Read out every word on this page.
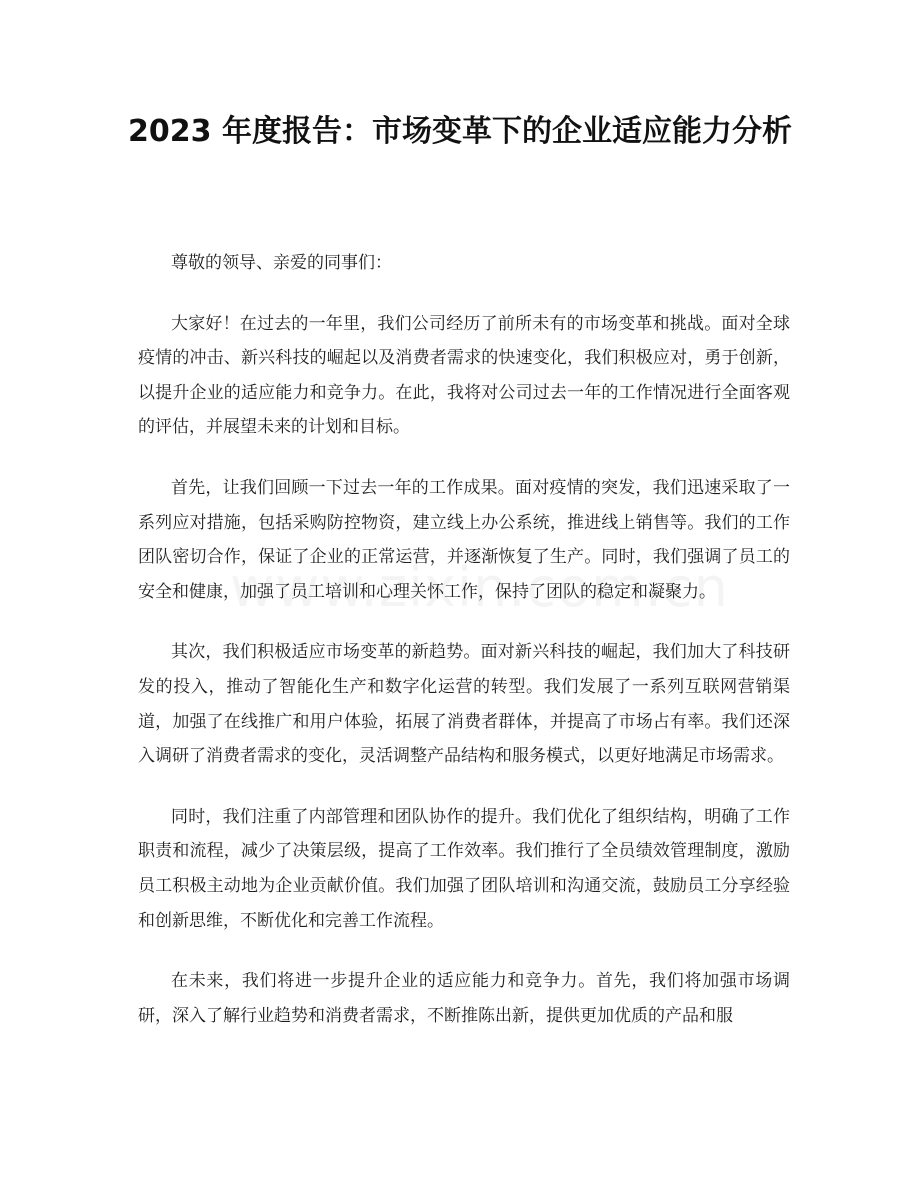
2023 年度报告：市场变革下的企业适应能力分析

尊敬的领导、亲爱的同事们：

大家好！在过去的一年里，我们公司经历了前所未有的市场变革和挑战。面对全球疫情的冲击、新兴科技的崛起以及消费者需求的快速变化，我们积极应对，勇于创新，以提升企业的适应能力和竞争力。在此，我将对公司过去一年的工作情况进行全面客观的评估，并展望未来的计划和目标。

首先，让我们回顾一下过去一年的工作成果。面对疫情的突发，我们迅速采取了一系列应对措施，包括采购防控物资，建立线上办公系统，推进线上销售等。我们的工作团队密切合作，保证了企业的正常运营，并逐渐恢复了生产。同时，我们强调了员工的安全和健康，加强了员工培训和心理关怀工作，保持了团队的稳定和凝聚力。

其次，我们积极适应市场变革的新趋势。面对新兴科技的崛起，我们加大了科技研发的投入，推动了智能化生产和数字化运营的转型。我们发展了一系列互联网营销渠道，加强了在线推广和用户体验，拓展了消费者群体，并提高了市场占有率。我们还深入调研了消费者需求的变化，灵活调整产品结构和服务模式，以更好地满足市场需求。

同时，我们注重了内部管理和团队协作的提升。我们优化了组织结构，明确了工作职责和流程，减少了决策层级，提高了工作效率。我们推行了全员绩效管理制度，激励员工积极主动地为企业贡献价值。我们加强了团队培训和沟通交流，鼓励员工分享经验和创新思维，不断优化和完善工作流程。

在未来，我们将进一步提升企业的适应能力和竞争力。首先，我们将加强市场调研，深入了解行业趋势和消费者需求，不断推陈出新，提供更加优质的产品和服
